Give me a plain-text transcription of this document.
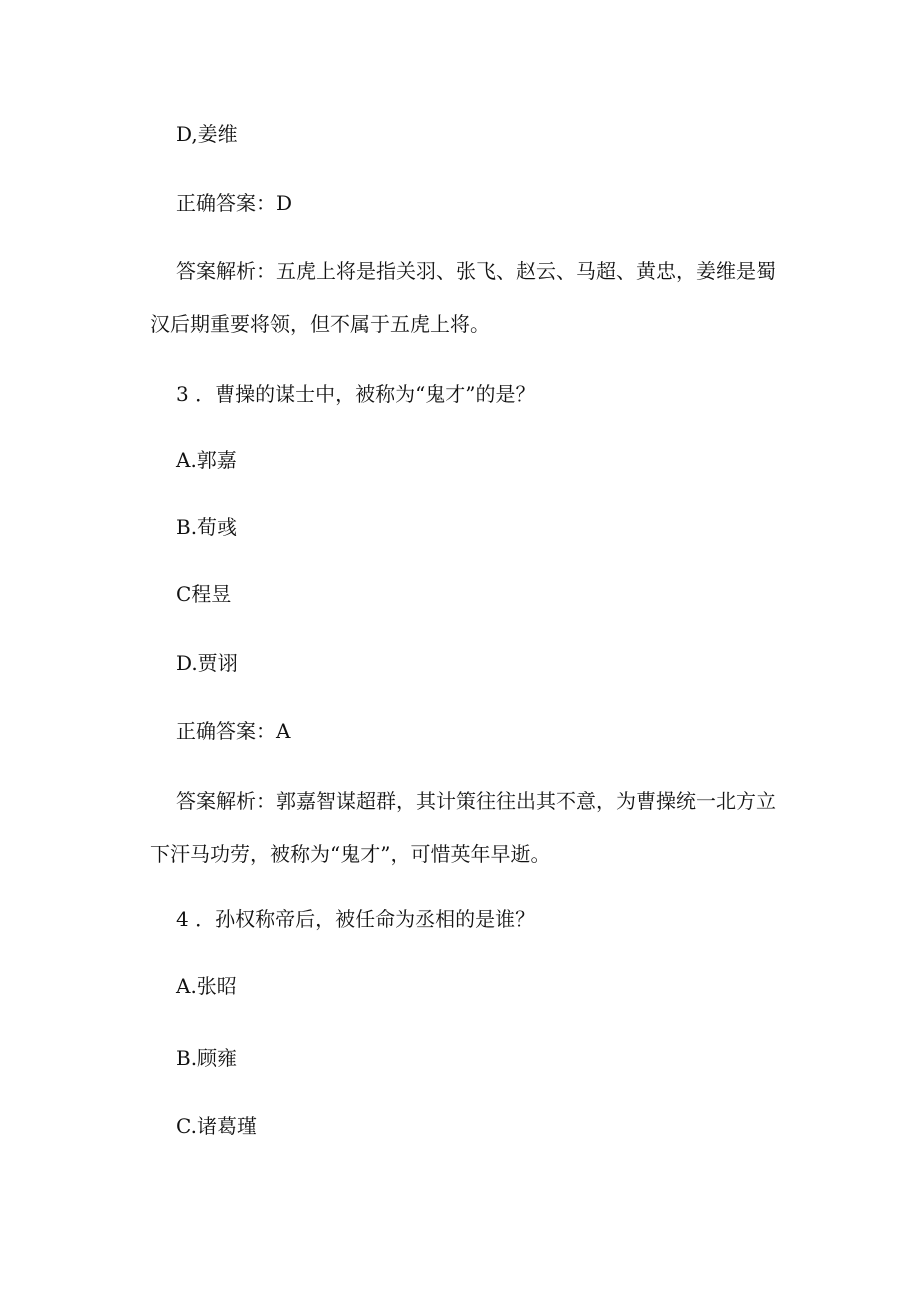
D,姜维
正确答案：D
答案解析：五虎上将是指关羽、张飞、赵云、马超、黄忠，姜维是蜀
汉后期重要将领，但不属于五虎上将。
3 ．曹操的谋士中，被称为“鬼才”的是？
A.郭嘉
B.荀彧
C程昱
D.贾诩
正确答案：A
答案解析：郭嘉智谋超群，其计策往往出其不意，为曹操统一北方立
下汗马功劳，被称为“鬼才”，可惜英年早逝。
4 ．孙权称帝后，被任命为丞相的是谁？
A.张昭
B.顾雍
C.诸葛瑾
